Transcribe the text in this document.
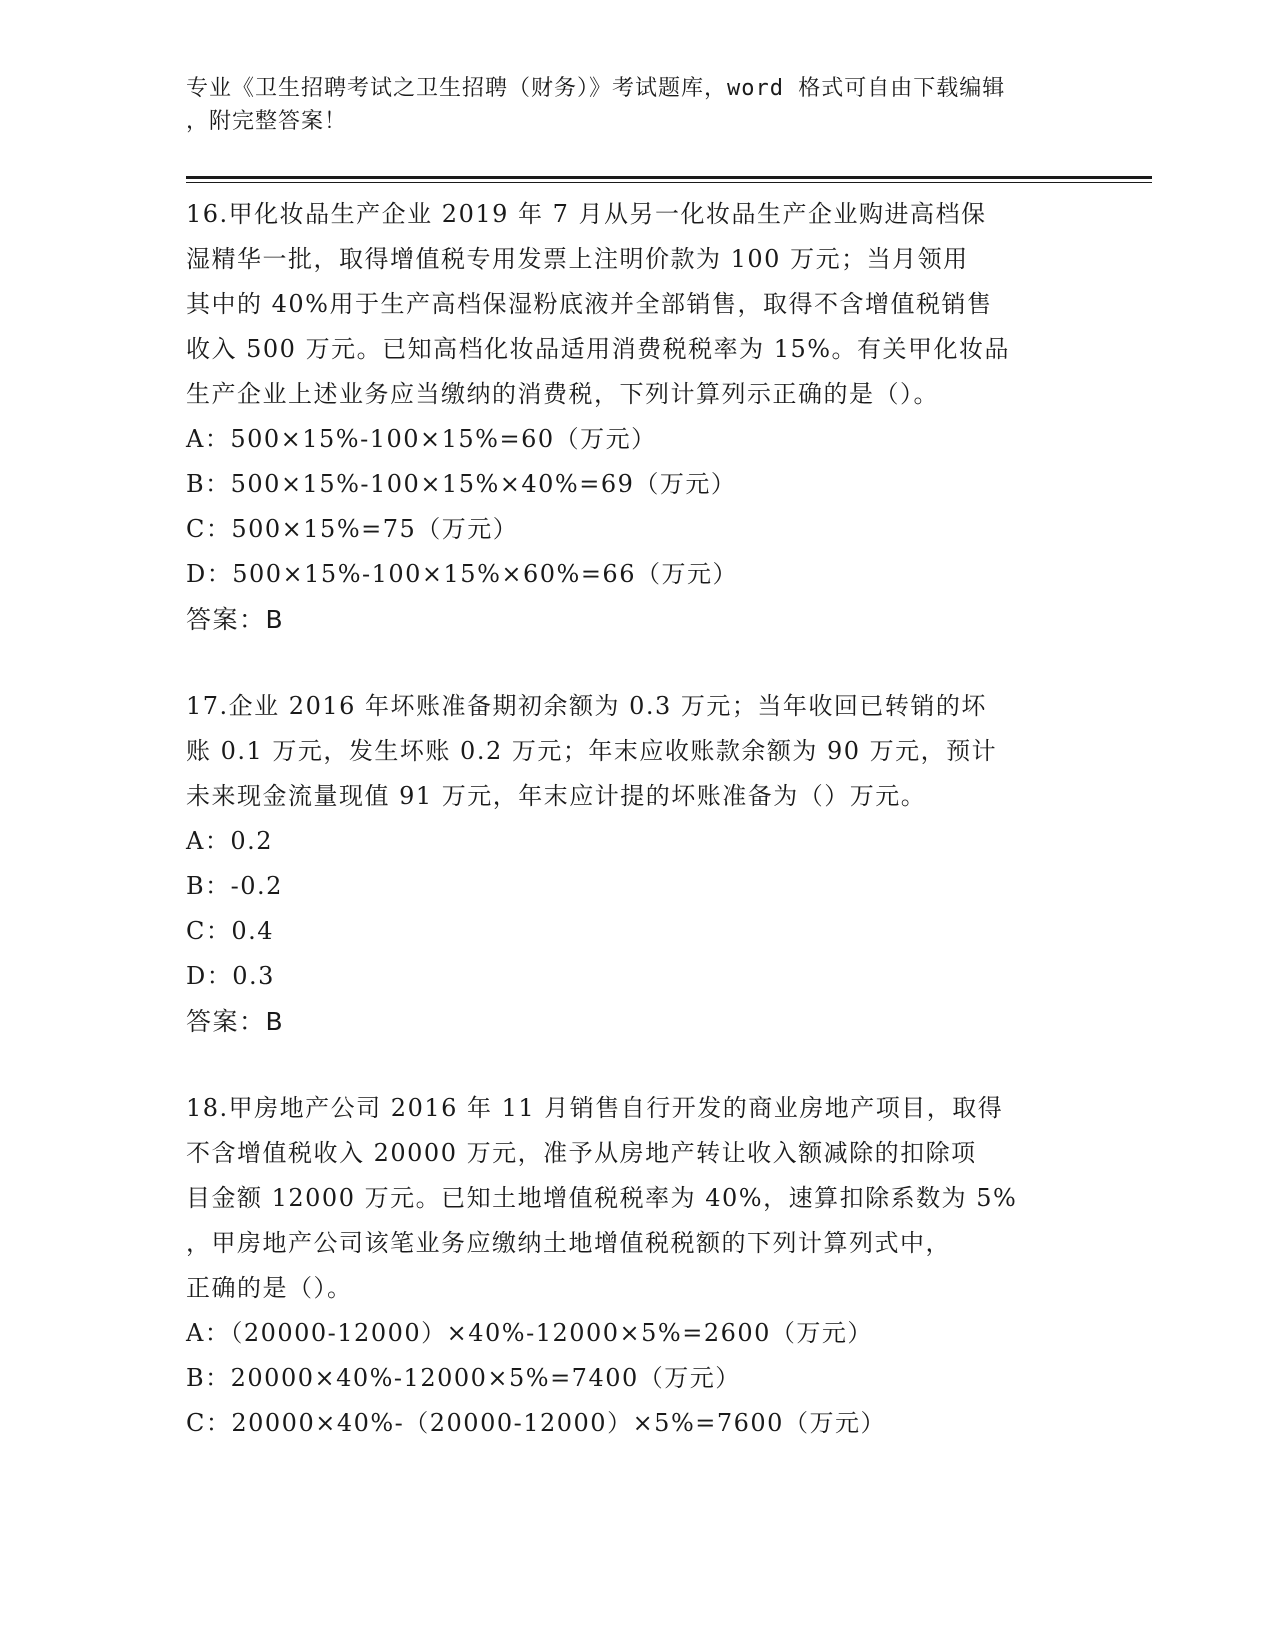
专业《卫生招聘考试之卫生招聘（财务）》考试题库，word 格式可自由下载编辑
，附完整答案！

16.甲化妆品生产企业 2019 年 7 月从另一化妆品生产企业购进高档保

湿精华一批，取得增值税专用发票上注明价款为 100 万元；当月领用

其中的 40%用于生产高档保湿粉底液并全部销售，取得不含增值税销售

收入 500 万元。已知高档化妆品适用消费税税率为 15%。有关甲化妆品

生产企业上述业务应当缴纳的消费税，下列计算列示正确的是（）。

A：500×15%-100×15%=60（万元）

B：500×15%-100×15%×40%=69（万元）

C：500×15%=75（万元）

D：500×15%-100×15%×60%=66（万元）

答案：B

17.企业 2016 年坏账准备期初余额为 0.3 万元；当年收回已转销的坏

账 0.1 万元，发生坏账 0.2 万元；年末应收账款余额为 90 万元，预计

未来现金流量现值 91 万元，年末应计提的坏账准备为（）万元。

A：0.2

B：-0.2

C：0.4

D：0.3

答案：B

18.甲房地产公司 2016 年 11 月销售自行开发的商业房地产项目，取得

不含增值税收入 20000 万元，准予从房地产转让收入额减除的扣除项

目金额 12000 万元。已知土地增值税税率为 40%，速算扣除系数为 5%

，甲房地产公司该笔业务应缴纳土地增值税税额的下列计算列式中，

正确的是（）。

A：（20000-12000）×40%-12000×5%=2600（万元）

B：20000×40%-12000×5%=7400（万元）

C：20000×40%-（20000-12000）×5%=7600（万元）
